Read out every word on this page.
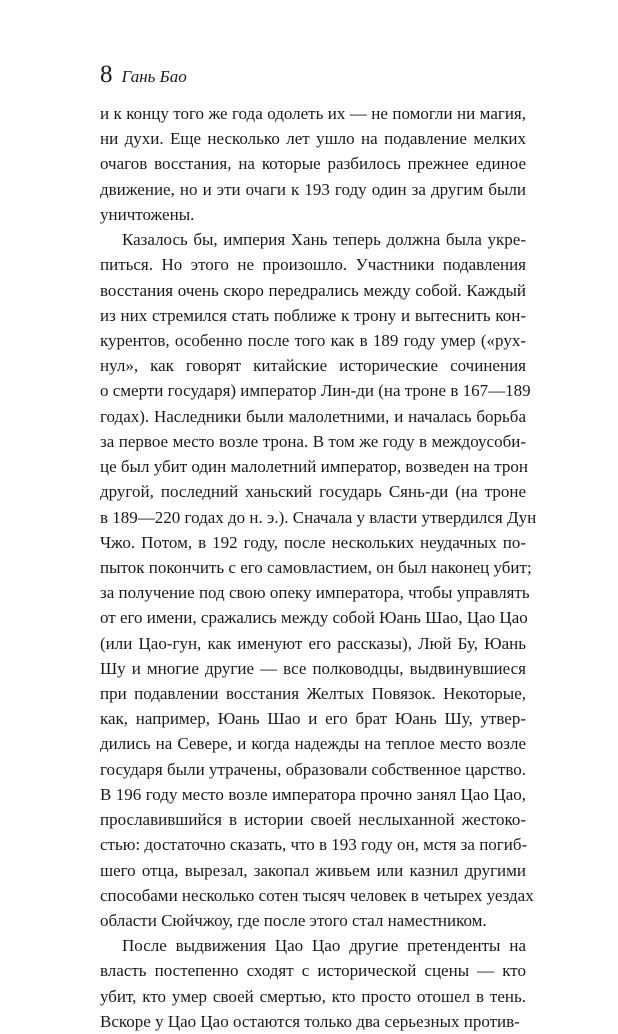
8 Гань Бао
и к концу того же года одолеть их — не помогли ни магия,
ни духи. Еще несколько лет ушло на подавление мелких
очагов восстания, на которые разбилось прежнее единое
движение, но и эти очаги к 193 году один за другим были
уничтожены.
Казалось бы, империя Хань теперь должна была укре-
питься. Но этого не произошло. Участники подавления
восстания очень скоро передрались между собой. Каждый
из них стремился стать поближе к трону и вытеснить кон-
курентов, особенно после того как в 189 году умер («рух-
нул», как говорят китайские исторические сочинения
о смерти государя) император Лин-ди (на троне в 167—189
годах). Наследники были малолетними, и началась борьба
за первое место возле трона. В том же году в междоусоби-
це был убит один малолетний император, возведен на трон
другой, последний ханьский государь Сянь-ди (на троне
в 189—220 годах до н. э.). Сначала у власти утвердился Дун
Чжо. Потом, в 192 году, после нескольких неудачных по-
пыток покончить с его самовластием, он был наконец убит;
за получение под свою опеку императора, чтобы управлять
от его имени, сражались между собой Юань Шао, Цао Цао
(или Цао-гун, как именуют его рассказы), Люй Бу, Юань
Шу и многие другие — все полководцы, выдвинувшиеся
при подавлении восстания Желтых Повязок. Некоторые,
как, например, Юань Шао и его брат Юань Шу, утвер-
дились на Севере, и когда надежды на теплое место возле
государя были утрачены, образовали собственное царство.
В 196 году место возле императора прочно занял Цао Цао,
прославившийся в истории своей неслыханной жестоко-
стью: достаточно сказать, что в 193 году он, мстя за погиб-
шего отца, вырезал, закопал живьем или казнил другими
способами несколько сотен тысяч человек в четырех уездах
области Сюйчжоу, где после этого стал наместником.
После выдвижения Цао Цао другие претенденты на
власть постепенно сходят с исторической сцены — кто
убит, кто умер своей смертью, кто просто отошел в тень.
Вскоре у Цао Цао остаются только два серьезных против-
